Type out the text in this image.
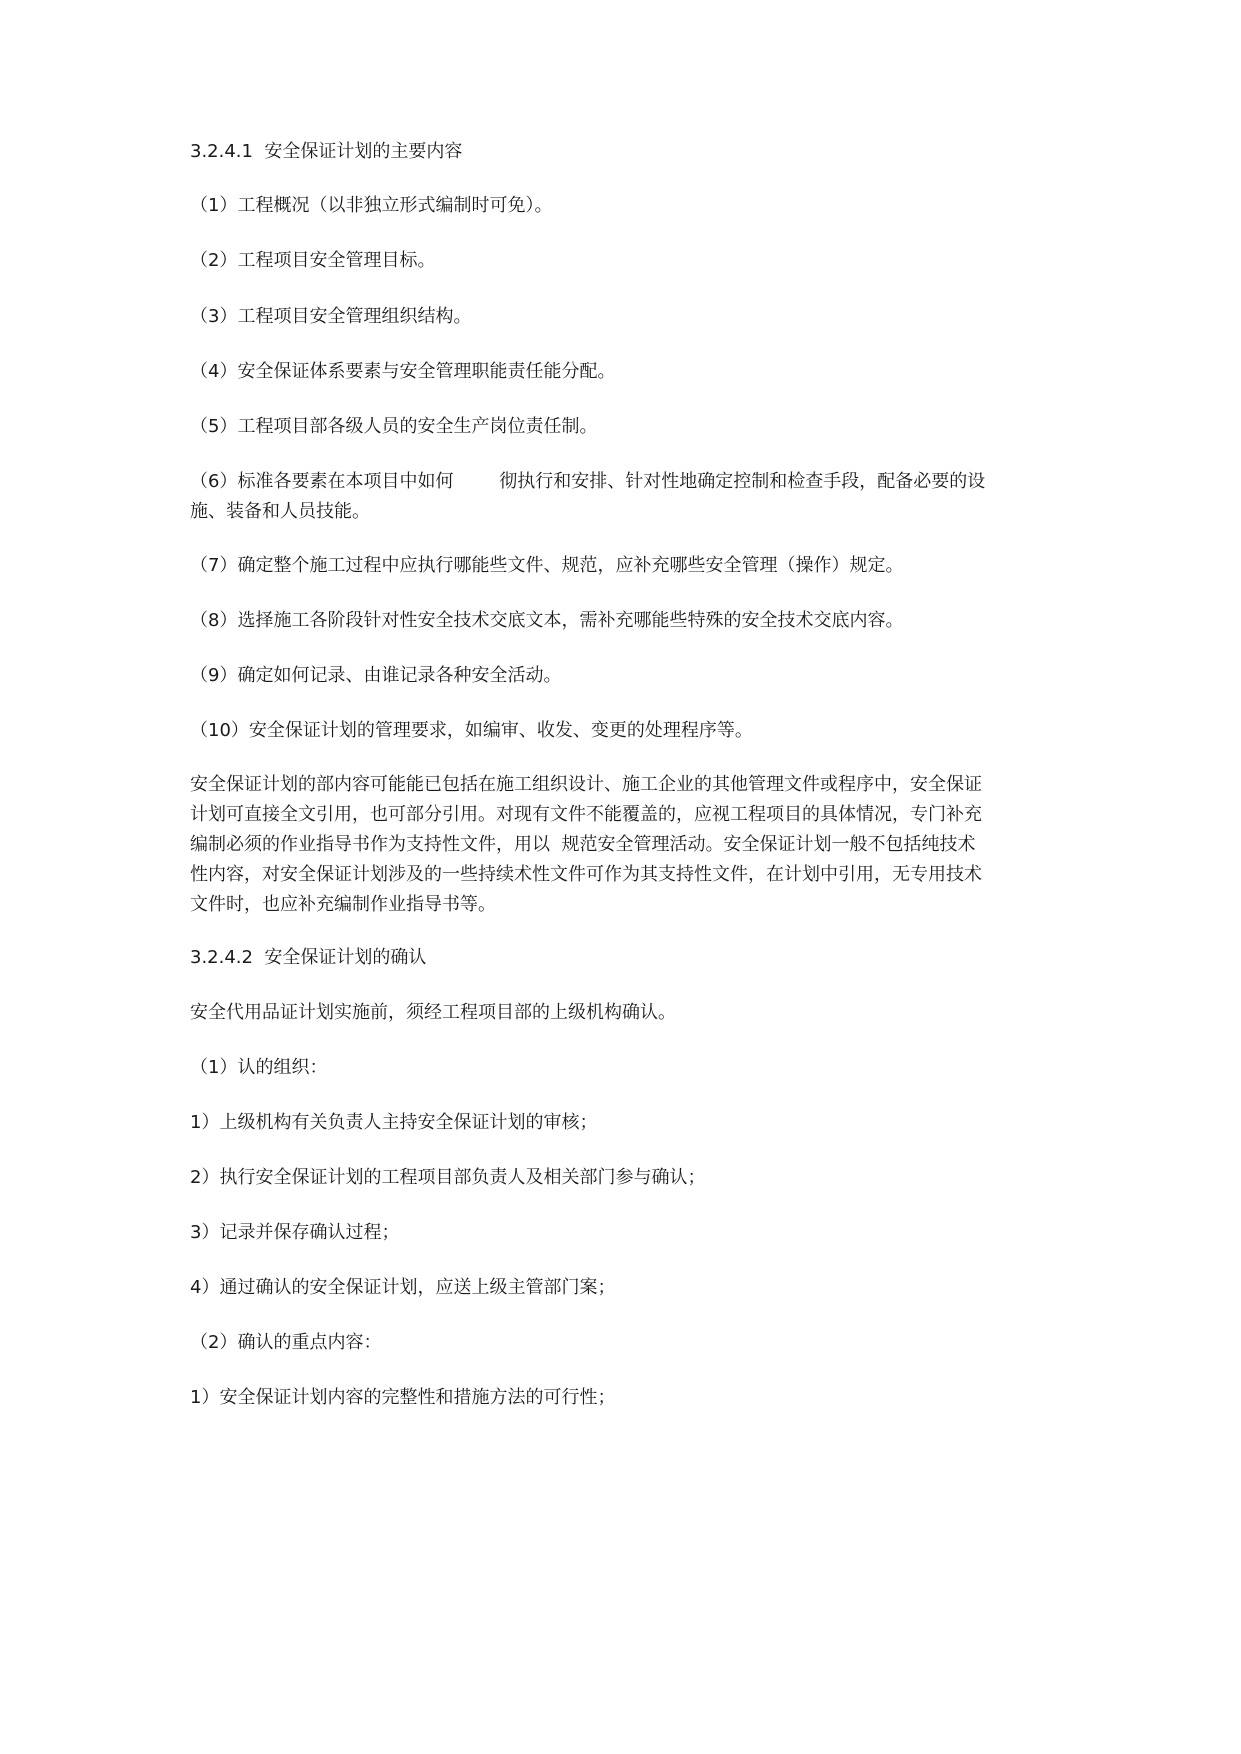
3.2.4.1  安全保证计划的主要内容
（1）工程概况（以非独立形式编制时可免）。
（2）工程项目安全管理目标。
（3）工程项目安全管理组织结构。
（4）安全保证体系要素与安全管理职能责任能分配。
（5）工程项目部各级人员的安全生产岗位责任制。
（6）标准各要素在本项目中如何        彻执行和安排、针对性地确定控制和检查手段，配备必要的设
施、装备和人员技能。
（7）确定整个施工过程中应执行哪能些文件、规范，应补充哪些安全管理（操作）规定。
（8）选择施工各阶段针对性安全技术交底文本，需补充哪能些特殊的安全技术交底内容。
（9）确定如何记录、由谁记录各种安全活动。
（10）安全保证计划的管理要求，如编审、收发、变更的处理程序等。
安全保证计划的部内容可能能已包括在施工组织设计、施工企业的其他管理文件或程序中，安全保证
计划可直接全文引用，也可部分引用。对现有文件不能覆盖的，应视工程项目的具体情况，专门补充
编制必须的作业指导书作为支持性文件，用以  规范安全管理活动。安全保证计划一般不包括纯技术
性内容，对安全保证计划涉及的一些持续术性文件可作为其支持性文件，在计划中引用，无专用技术
文件时，也应补充编制作业指导书等。
3.2.4.2  安全保证计划的确认
安全代用品证计划实施前，须经工程项目部的上级机构确认。
（1）认的组织：
1）上级机构有关负责人主持安全保证计划的审核；
2）执行安全保证计划的工程项目部负责人及相关部门参与确认；
3）记录并保存确认过程；
4）通过确认的安全保证计划，应送上级主管部门案；
（2）确认的重点内容：
1）安全保证计划内容的完整性和措施方法的可行性；
